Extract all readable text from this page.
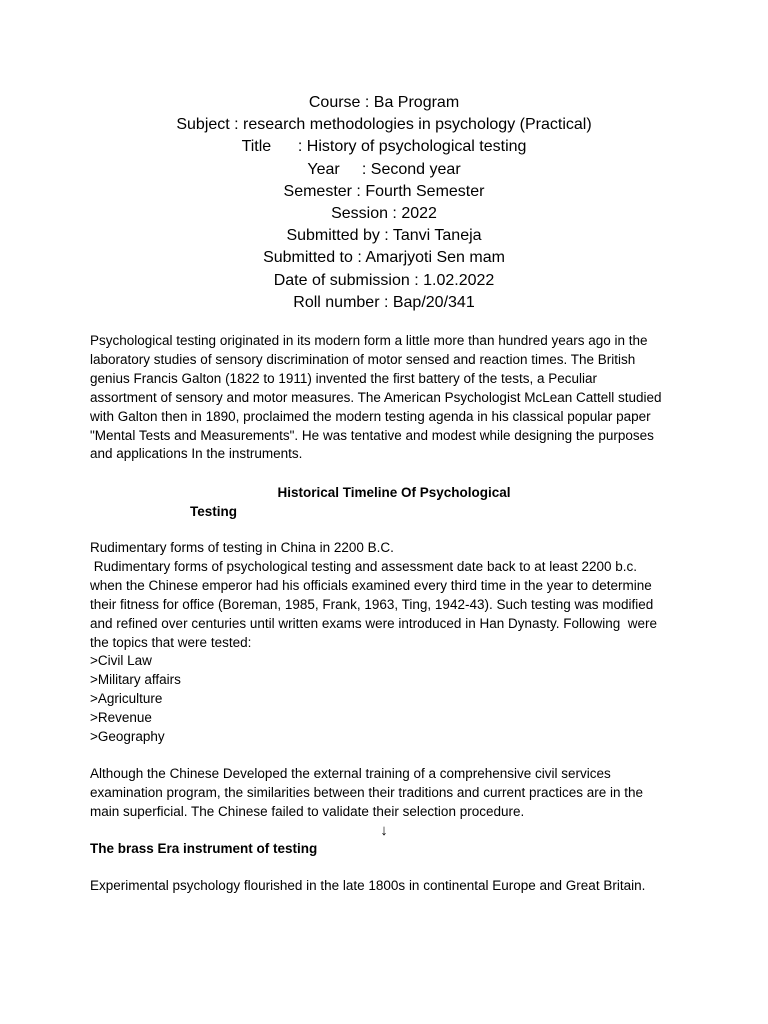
Course : Ba Program
Subject : research methodologies in psychology (Practical)
Title      : History of psychological testing
Year     : Second year
Semester : Fourth Semester
Session : 2022
Submitted by : Tanvi Taneja
Submitted to : Amarjyoti Sen mam
Date of submission : 1.02.2022
Roll number : Bap/20/341
Psychological testing originated in its modern form a little more than hundred years ago in the
laboratory studies of sensory discrimination of motor sensed and reaction times. The British
genius Francis Galton (1822 to 1911) invented the first battery of the tests, a Peculiar
assortment of sensory and motor measures. The American Psychologist McLean Cattell studied
with Galton then in 1890, proclaimed the modern testing agenda in his classical popular paper
"Mental Tests and Measurements". He was tentative and modest while designing the purposes
and applications In the instruments.
Historical Timeline Of Psychological
Testing
Rudimentary forms of testing in China in 2200 B.C.
Rudimentary forms of psychological testing and assessment date back to at least 2200 b.c.
when the Chinese emperor had his officials examined every third time in the year to determine
their fitness for office (Boreman, 1985, Frank, 1963, Ting, 1942-43). Such testing was modified
and refined over centuries until written exams were introduced in Han Dynasty. Following  were
the topics that were tested:
>Civil Law
>Military affairs
>Agriculture
>Revenue
>Geography
Although the Chinese Developed the external training of a comprehensive civil services
examination program, the similarities between their traditions and current practices are in the
main superficial. The Chinese failed to validate their selection procedure.
↓
The brass Era instrument of testing
Experimental psychology flourished in the late 1800s in continental Europe and Great Britain.
